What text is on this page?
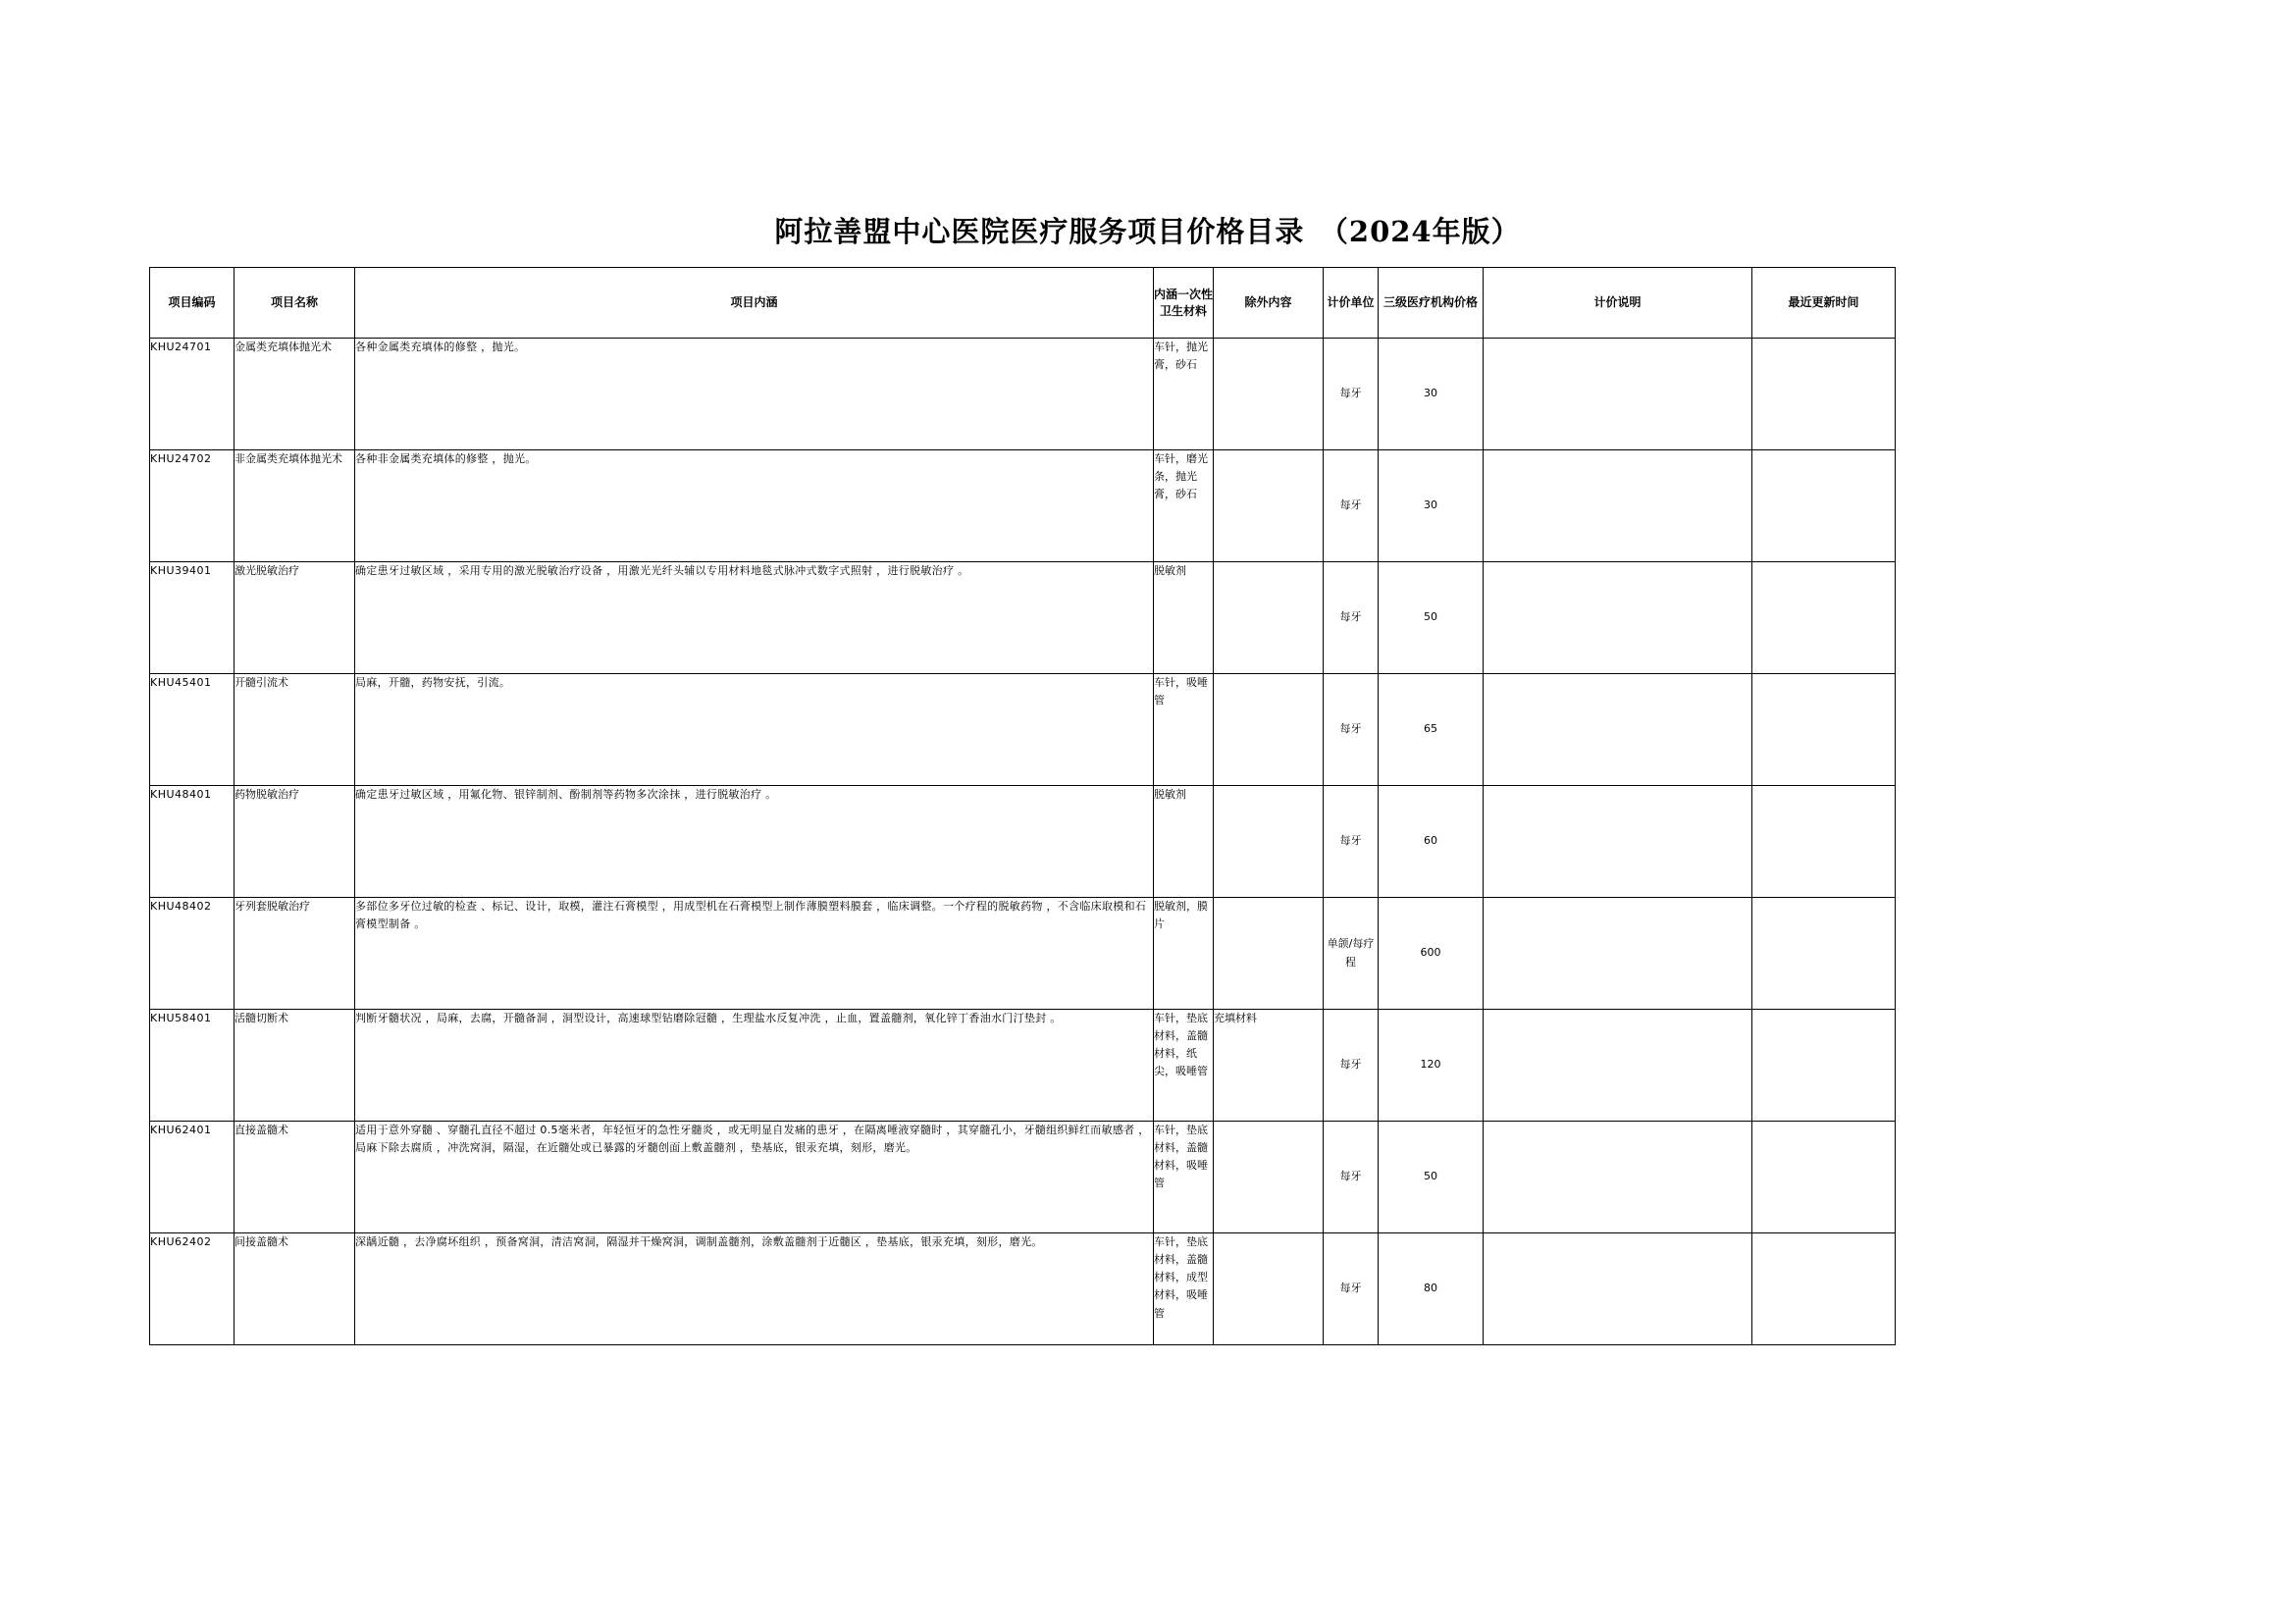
阿拉善盟中心医院医疗服务项目价格目录　（2024年版）
项目编码	项目名称	项目内涵	内涵一次性卫生材料	除外内容	计价单位	三级医疗机构价格	计价说明	最近更新时间
KHU24701	金属类充填体抛光术	各种金属类充填体的修整 ，抛光。	车针，抛光膏，砂石		每牙	30		
KHU24702	非金属类充填体抛光术	各种非金属类充填体的修整 ，抛光。	车针，磨光条，抛光膏，砂石		每牙	30		
KHU39401	激光脱敏治疗	确定患牙过敏区域 ，采用专用的激光脱敏治疗设备 ，用激光光纤头辅以专用材料地毯式脉冲式数字式照射 ，进行脱敏治疗 。	脱敏剂		每牙	50		
KHU45401	开髓引流术	局麻，开髓，药物安抚，引流。	车针，吸唾管		每牙	65		
KHU48401	药物脱敏治疗	确定患牙过敏区域 ，用氟化物、银锌制剂、酚制剂等药物多次涂抹 ，进行脱敏治疗 。	脱敏剂		每牙	60		
KHU48402	牙列套脱敏治疗	多部位多牙位过敏的检查 、标记、设计，取模，灌注石膏模型 ，用成型机在石膏模型上制作薄膜塑料膜套 ，临床调整。一个疗程的脱敏药物 ，不含临床取模和石膏模型制备 。	脱敏剂，膜片		单颌/每疗程	600		
KHU58401	活髓切断术	判断牙髓状况 ，局麻，去腐，开髓备洞 ，洞型设计，高速球型钻磨除冠髓 ，生理盐水反复冲洗 ，止血，置盖髓剂，氧化锌丁香油水门汀垫封 。	车针，垫底材料，盖髓材料，纸尖，吸唾管	充填材料	每牙	120		
KHU62401	直接盖髓术	适用于意外穿髓 、穿髓孔直径不超过 0.5毫米者，年轻恒牙的急性牙髓炎 ，或无明显自发痛的患牙 ，在隔离唾液穿髓时 ，其穿髓孔小，牙髓组织鲜红而敏感者 ，局麻下除去腐质 ，冲洗窝洞，隔湿，在近髓处或已暴露的牙髓创面上敷盖髓剂 ，垫基底，银汞充填，刻形，磨光。	车针，垫底材料，盖髓材料，吸唾管		每牙	50		
KHU62402	间接盖髓术	深龋近髓 ，去净腐坏组织 ，预备窝洞，清洁窝洞，隔湿并干燥窝洞，调制盖髓剂，涂敷盖髓剂于近髓区 ，垫基底，银汞充填，刻形，磨光。	车针，垫底材料，盖髓材料，成型材料，吸唾管		每牙	80		
